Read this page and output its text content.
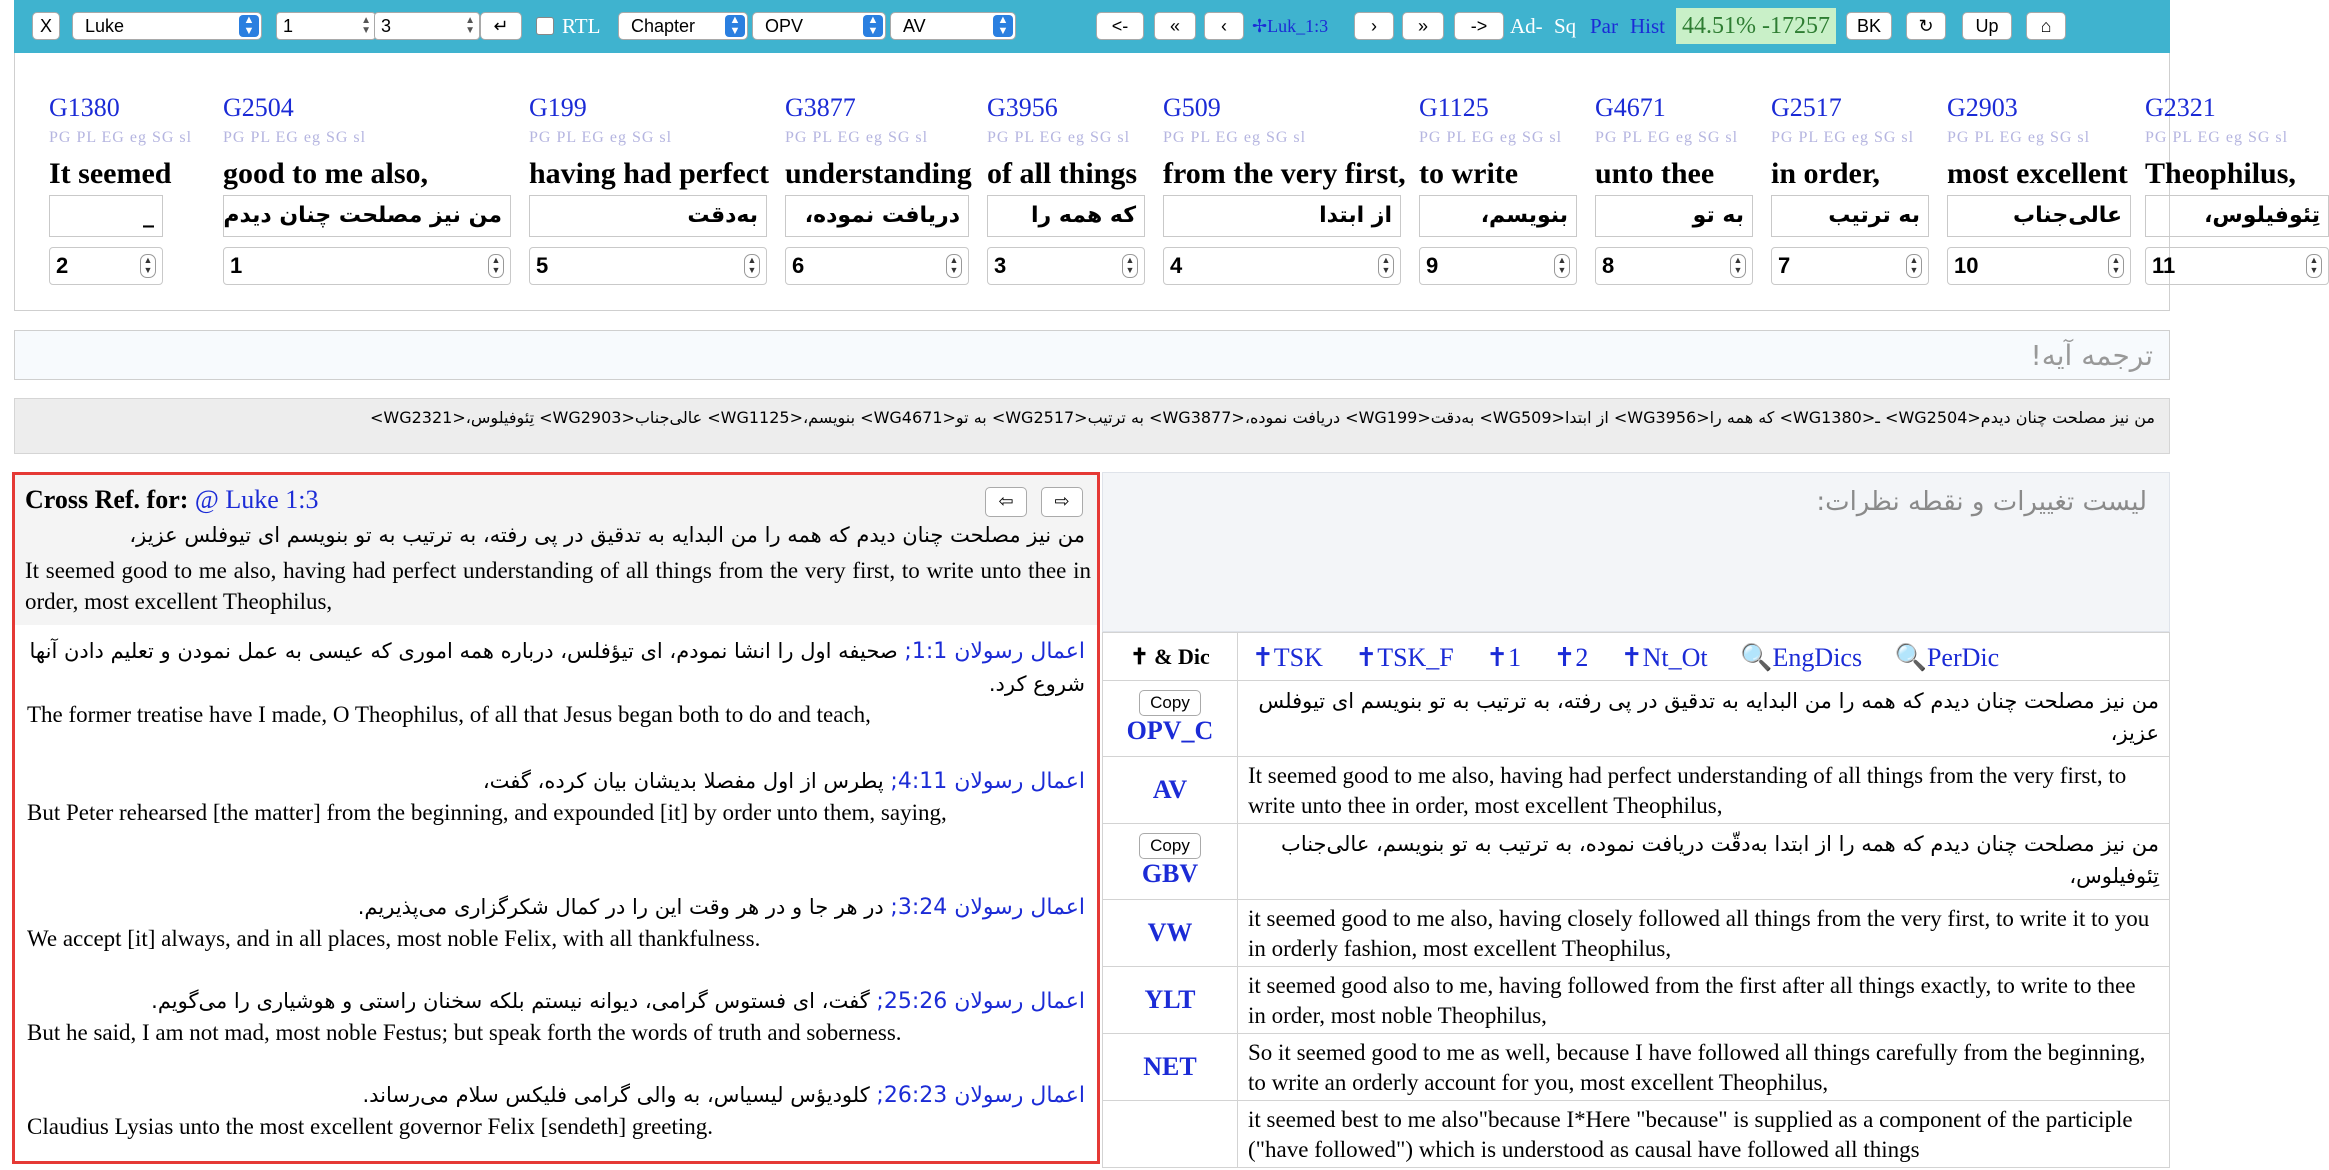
X	Luke	▲
▼	1	▲
▼ 3	▲
▼	↵	RTL	Chapter	▲
▼	OPV	▲
▼	AV	▲
▼	<-	«	‹	✢Luk_1:3	›	»	->	Ad- Sq Par Hist 44.51% -17257	BK	↻	Up	⌂
G1380
PG PL EG eg SG sl
It seemed
_
2	▲
▼
G2504
PG PL EG eg SG sl
good to me also,
من نیز مصلحت چنان دیدم
1	▲
▼
G199
PG PL EG eg SG sl
having had perfect
به‌دقت
5	▲
▼
G3877
PG PL EG eg SG sl
understanding
دریافت نموده،
6	▲
▼
G3956
PG PL EG eg SG sl
of all things
که همه را
3	▲
▼
G509
PG PL EG eg SG sl
from the very first,
از ابتدا
4	▲
▼
G1125
PG PL EG eg SG sl
to write
بنویسم،
9	▲
▼
G4671
PG PL EG eg SG sl
unto thee
به تو
8	▲
▼
G2517
PG PL EG eg SG sl
in order,
به ترتیب
7	▲
▼
G2903
PG PL EG eg SG sl
most excellent
عالی‌جناب
10	▲
▼
G2321
PG PL EG eg SG sl
Theophilus,
تِئوفیلوس،
11	▲
▼
ترجمه آیه!
من نیز مصلحت چنان دیدم<WG2504> ـ<WG1380> که همه را<WG3956> از ابتدا<WG509> به‌دقت<WG199> دریافت نموده،<WG3877> به ترتیب<WG2517> به تو<WG4671> بنویسم،<WG1125> عالی‌جناب<WG2903> تِئوفیلوس،<WG2321>
Cross Ref. for: @ Luke 1:3	⇦	⇨
من نیز مصلحت چنان دیدم که همه را من البدایه به تدقیق در پی رفته، به ترتیب به تو بنویسم ای تیوفلس عزیز،
It seemed good to me also, having had perfect understanding of all things from the very first, to write unto thee in order, most excellent Theophilus,
اعمال رسولان 1:1; صحیفه اول را انشا نمودم، ای تیؤفلس، درباره همه اموری که عیسی به عمل نمودن و تعلیم دادن آنها شروع کرد.
The former treatise have I made, O Theophilus, of all that Jesus began both to do and teach,
اعمال رسولان 4:11; پطرس از اول مفصلا بدیشان بیان کرده، گفت،
But Peter rehearsed [the matter] from the beginning, and expounded [it] by order unto them, saying,
اعمال رسولان 3:24; در هر جا و در هر وقت این را در کمال شکرگزاری می‌پذیریم.
We accept [it] always, and in all places, most noble Felix, with all thankfulness.
اعمال رسولان 25:26; گفت، ای فستوس گرامی، دیوانه نیستم بلکه سخنان راستی و هوشیاری را می‌گویم.
But he said, I am not mad, most noble Festus; but speak forth the words of truth and soberness.
اعمال رسولان 26:23; کلودیؤس لیسیاس، به والی گرامی فلیکس سلام می‌رساند.
Claudius Lysias unto the most excellent governor Felix [sendeth] greeting.
لیست تغییرات و نقطه نظرات:
✝ & Dic	✝TSK ✝TSK_F ✝1 ✝2 ✝Nt_Ot 🔍EngDics 🔍PerDic
Copy
OPV_C	من نیز مصلحت چنان دیدم که همه را من البدایه به تدقیق در پی رفته، به ترتیب به تو بنویسم ای تیوفلس عزیز،
AV	It seemed good to me also, having had perfect understanding of all things from the very first, to write unto thee in order, most excellent Theophilus,
Copy
GBV	من نیز مصلحت چنان دیدم که همه را از ابتدا به‌دقّت دریافت نموده، به ترتیب به تو بنویسم، عالی‌جناب تِئوفیلوس،
VW	it seemed good to me also, having closely followed all things from the very first, to write it to you in orderly fashion, most excellent Theophilus,
YLT	it seemed good also to me, having followed from the first after all things exactly, to write to thee in order, most noble Theophilus,
NET	So it seemed good to me as well, because I have followed all things carefully from the beginning, to write an orderly account for you, most excellent Theophilus,
	it seemed best to me also"because I*Here "because" is supplied as a component of the participle ("have followed") which is understood as causal have followed all things
